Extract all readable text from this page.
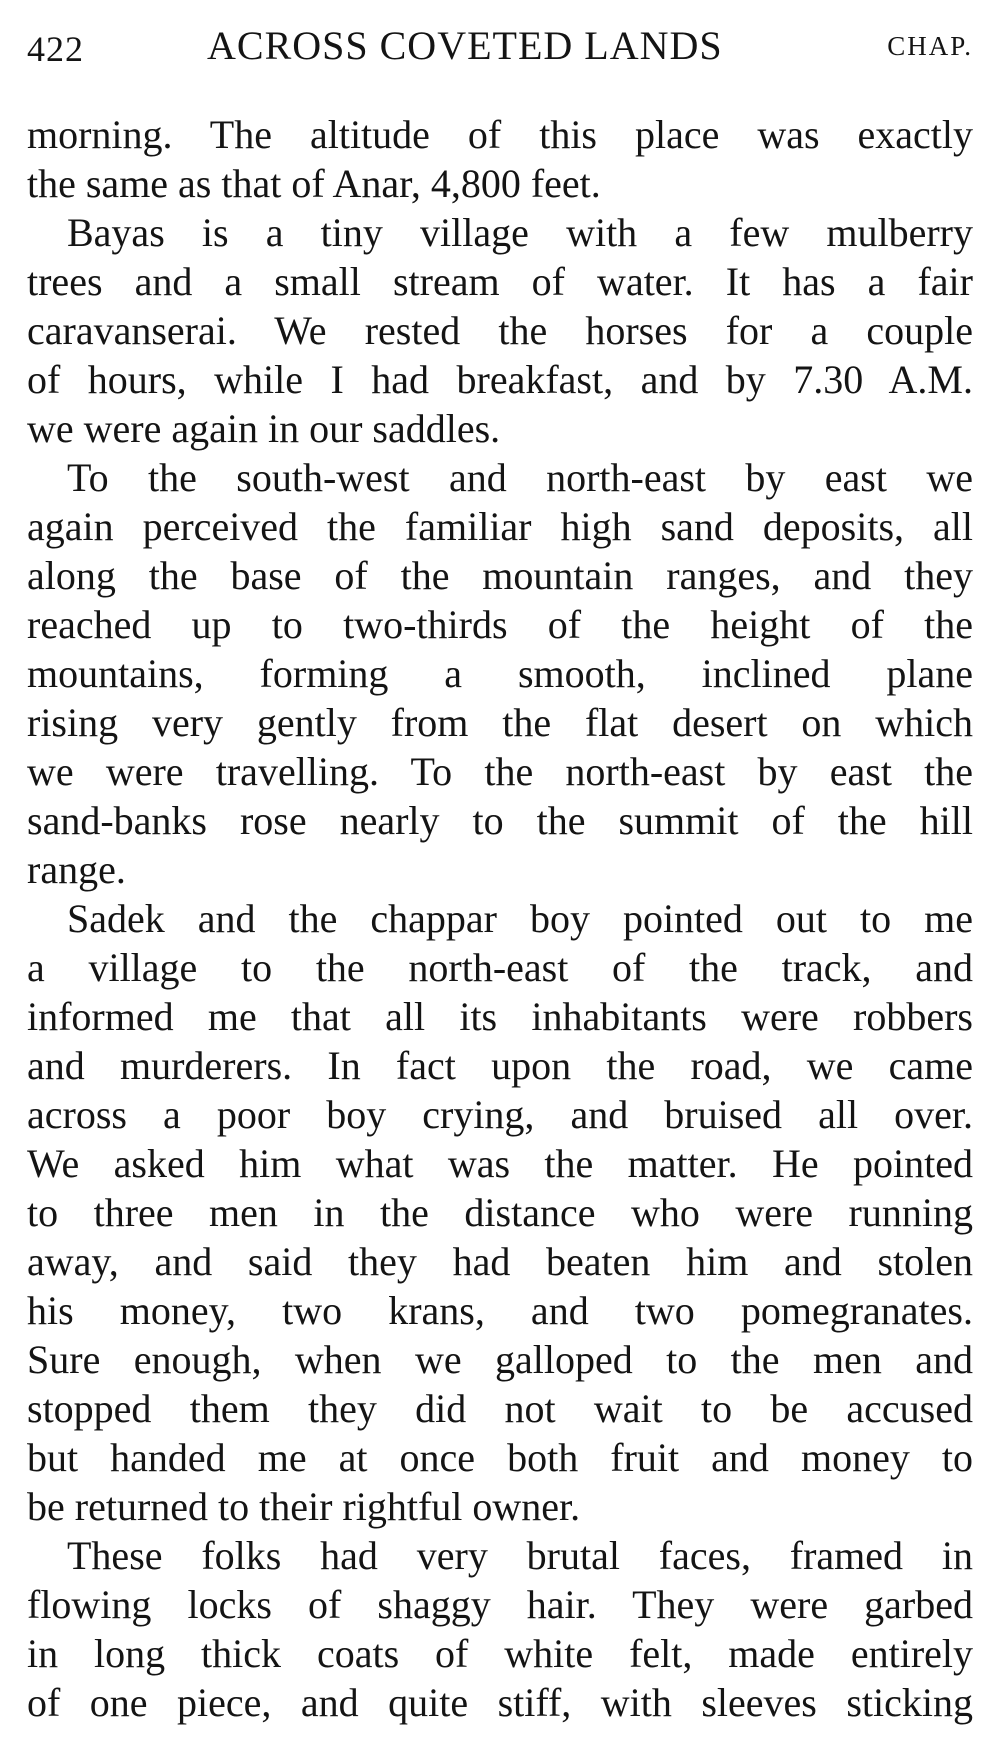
422	ACROSS COVETED LANDS	CHAP.
morning. The altitude of this place was exactly
the same as that of Anar, 4,800 feet.
Bayas is a tiny village with a few mulberry
trees and a small stream of water. It has a fair
caravanserai. We rested the horses for a couple
of hours, while I had breakfast, and by 7.30 A.M.
we were again in our saddles.
To the south-west and north-east by east we
again perceived the familiar high sand deposits, all
along the base of the mountain ranges, and they
reached up to two-thirds of the height of the
mountains, forming a smooth, inclined plane
rising very gently from the flat desert on which
we were travelling. To the north-east by east the
sand-banks rose nearly to the summit of the hill
range.
Sadek and the chappar boy pointed out to me
a village to the north-east of the track, and
informed me that all its inhabitants were robbers
and murderers. In fact upon the road, we came
across a poor boy crying, and bruised all over.
We asked him what was the matter. He pointed
to three men in the distance who were running
away, and said they had beaten him and stolen
his money, two krans, and two pomegranates.
Sure enough, when we galloped to the men and
stopped them they did not wait to be accused
but handed me at once both fruit and money to
be returned to their rightful owner.
These folks had very brutal faces, framed in
flowing locks of shaggy hair. They were garbed
in long thick coats of white felt, made entirely
of one piece, and quite stiff, with sleeves sticking
